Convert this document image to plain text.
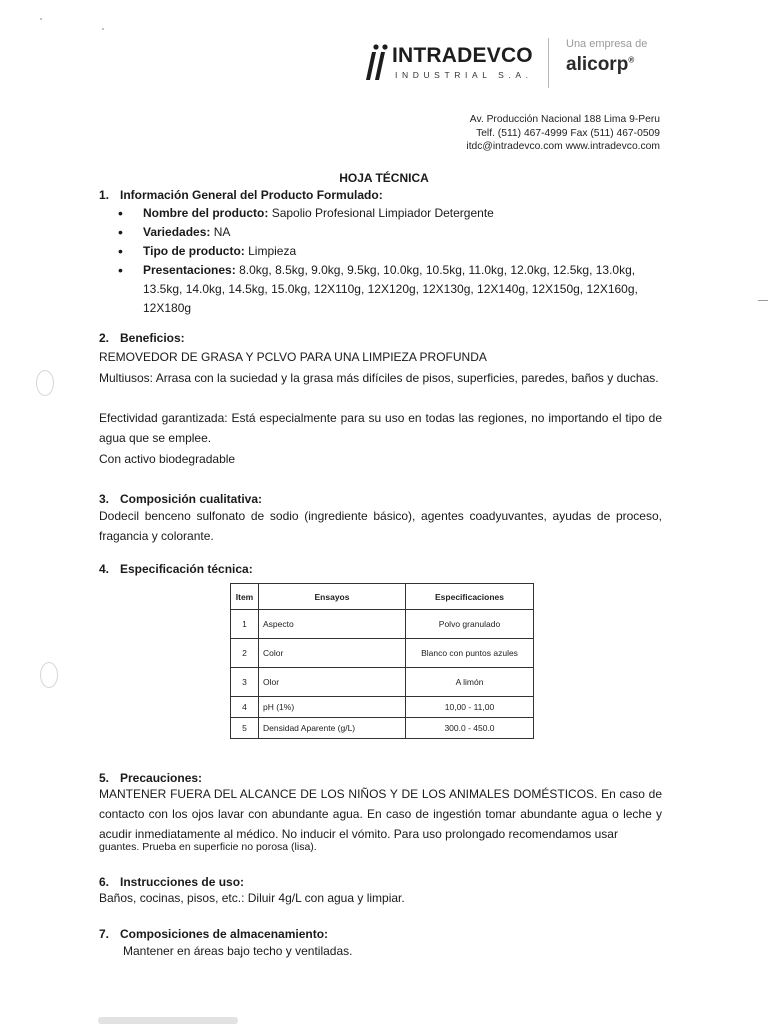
INTRADEVCO
INDUSTRIAL S.A.
Una empresa de
alicorp®
Av. Producción Nacional 188 Lima 9-Peru
Telf. (511) 467-4999 Fax (511) 467-0509
itdc@intradevco.com www.intradevco.com
HOJA TÉCNICA
1. Información General del Producto Formulado:
• Nombre del producto: Sapolio Profesional Limpiador Detergente
• Variedades: NA
• Tipo de producto: Limpieza
• Presentaciones: 8.0kg, 8.5kg, 9.0kg, 9.5kg, 10.0kg, 10.5kg, 11.0kg, 12.0kg, 12.5kg, 13.0kg, 13.5kg, 14.0kg, 14.5kg, 15.0kg, 12X110g, 12X120g, 12X130g, 12X140g, 12X150g, 12X160g, 12X180g
2. Beneficios:
REMOVEDOR DE GRASA Y PCLVO PARA UNA LIMPIEZA PROFUNDA
Multiusos: Arrasa con la suciedad y la grasa más difíciles de pisos, superficies, paredes, baños y duchas.
Efectividad garantizada: Está especialmente para su uso en todas las regiones, no importando el tipo de agua que se emplee.
Con activo biodegradable
3. Composición cualitativa:
Dodecil benceno sulfonato de sodio (ingrediente básico), agentes coadyuvantes, ayudas de proceso, fragancia y colorante.
4. Especificación técnica:
Item	Ensayos	Especificaciones
1	Aspecto	Polvo granulado
2	Color	Blanco con puntos azules
3	Olor	A limón
4	pH (1%)	10,00 - 11,00
5	Densidad Aparente (g/L)	300.0 - 450.0
5. Precauciones:
MANTENER FUERA DEL ALCANCE DE LOS NIÑOS Y DE LOS ANIMALES DOMÉSTICOS. En caso de contacto con los ojos lavar con abundante agua. En caso de ingestión tomar abundante agua o leche y acudir inmediatamente al médico. No inducir el vómito. Para uso prolongado recomendamos usar
guantes. Prueba en superficie no porosa (lisa).
6. Instrucciones de uso:
Baños, cocinas, pisos, etc.: Diluir 4g/L con agua y limpiar.
7. Composiciones de almacenamiento:
Mantener en áreas bajo techo y ventiladas.
